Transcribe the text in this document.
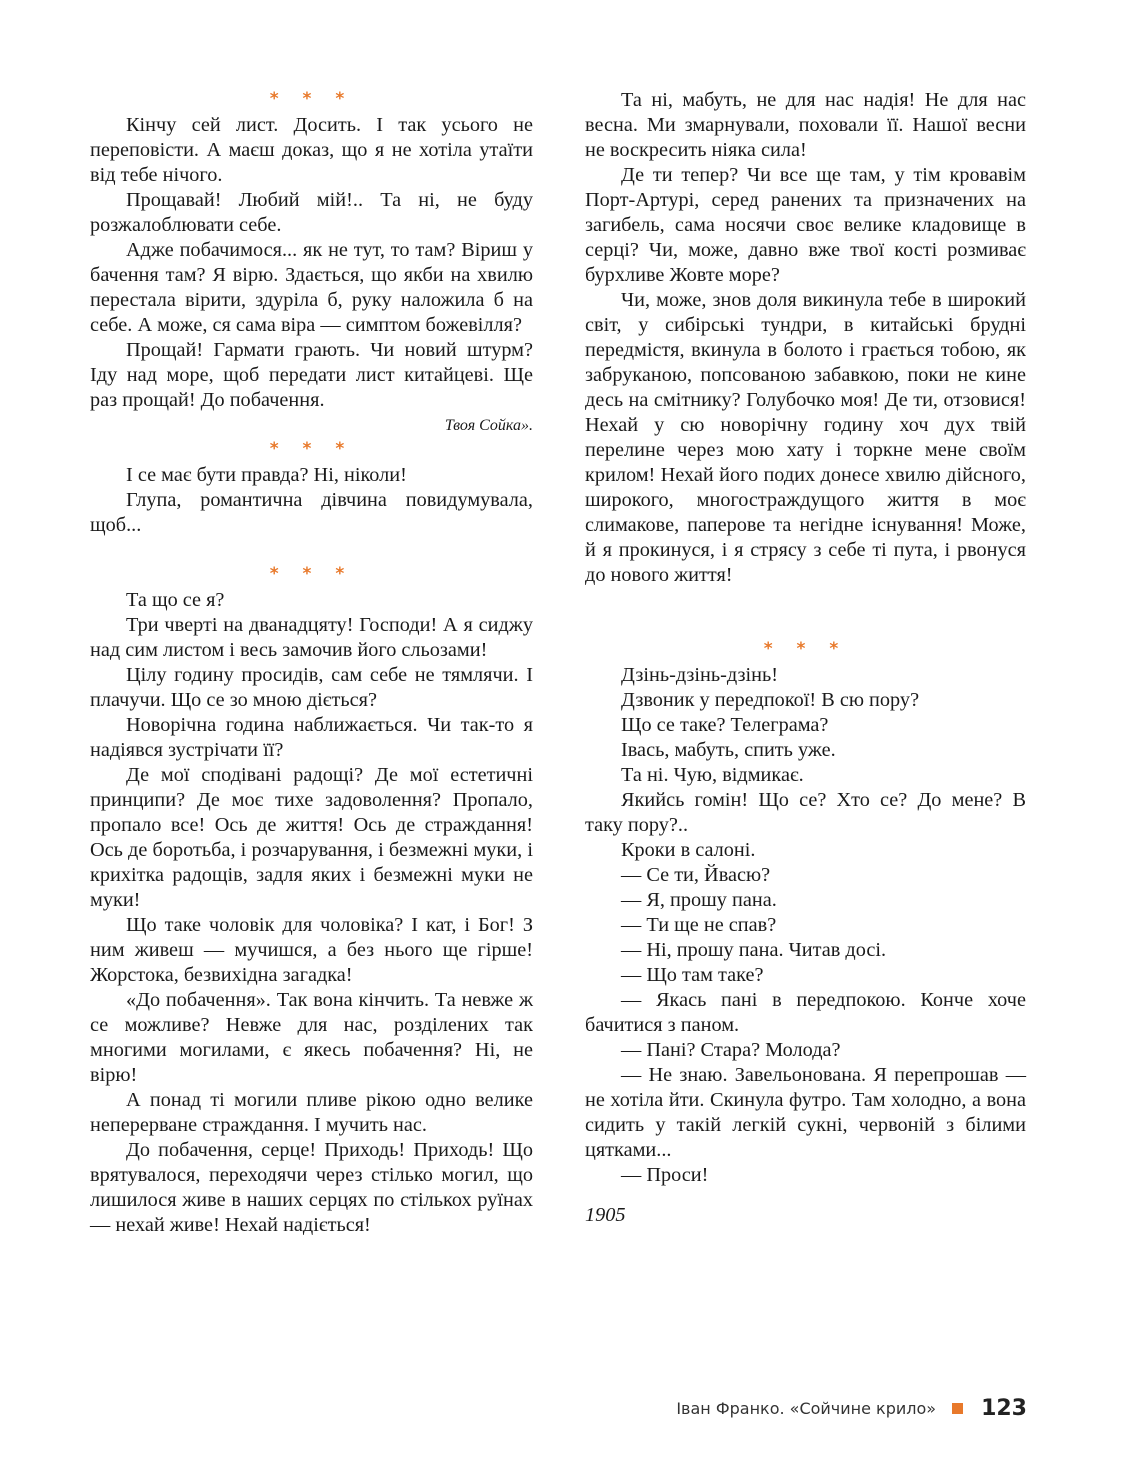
* * *

Кінчу сей лист. Досить. І так усього не переповісти. А маєш доказ, що я не хотіла утаїти від тебе нічого.

Прощавай! Любий мій!.. Та ні, не буду розжалоблювати себе.

Адже побачимося... як не тут, то там? Віриш у бачення там? Я вірю. Здається, що якби на хвилю перестала вірити, здуріла б, руку наложила б на себе. А може, ся сама віра — симптом божевілля?

Прощай! Гармати грають. Чи новий штурм? Іду над море, щоб передати лист китайцеві. Ще раз прощай! До побачення.

Твоя Сойка».

* * *

І се має бути правда? Ні, ніколи!

Глупа, романтична дівчина повидумувала, щоб...

* * *

Та що се я?

Три чверті на дванадцяту! Господи! А я сиджу над сим листом і весь замочив його сльозами!

Цілу годину просидів, сам себе не тямлячи. І плачучи. Що се зо мною діється?

Новорічна година наближається. Чи так-то я надіявся зустрічати її?

Де мої сподівані радощі? Де мої естетичні принципи? Де моє тихе задоволення? Пропало, пропало все! Ось де життя! Ось де страждання! Ось де боротьба, і розчарування, і безмежні муки, і крихітка радощів, задля яких і безмежні муки не муки!

Що таке чоловік для чоловіка? І кат, і Бог! З ним живеш — мучишся, а без нього ще гірше! Жорстока, безвихідна загадка!

«До побачення». Так вона кінчить. Та невже ж се можливе? Невже для нас, розділених так многими могилами, є якесь побачення? Ні, не вірю!

А понад ті могили пливе рікою одно велике неперерване страждання. І мучить нас.

До побачення, серце! Приходь! Приходь! Що врятувалося, переходячи через стілько могил, що лишилося живе в наших серцях по стількох руїнах — нехай живе! Нехай надіється!

Та ні, мабуть, не для нас надія! Не для нас весна. Ми змарнували, поховали її. Нашої весни не воскресить ніяка сила!

Де ти тепер? Чи все ще там, у тім кровавім Порт-Артурі, серед ранених та призначених на загибель, сама носячи своє велике кладовище в серці? Чи, може, давно вже твої кості розмиває бурхливе Жовте море?

Чи, може, знов доля викинула тебе в широкий світ, у сибірські тундри, в китайські брудні передмістя, вкинула в болото і грається тобою, як забруканою, попсованою забавкою, поки не кине десь на смітнику? Голубочко моя! Де ти, отзовися! Нехай у сю новорічну годину хоч дух твій перелине через мою хату і торкне мене своїм крилом! Нехай його подих донесе хвилю дійсного, широкого, многостраждущого життя в моє слимакове, паперове та негідне існування! Може, й я прокинуся, і я стрясу з себе ті пута, і рвонуся до нового життя!

* * *

Дзінь-дзінь-дзінь!

Дзвоник у передпокої! В сю пору?

Що се таке? Телеграма?

Івась, мабуть, спить уже.

Та ні. Чую, відмикає.

Якийсь гомін! Що се? Хто се? До мене? В таку пору?..

Кроки в салоні.

— Се ти, Йвасю?

— Я, прошу пана.

— Ти ще не спав?

— Ні, прошу пана. Читав досі.

— Що там таке?

— Якась пані в передпокою. Конче хоче бачитися з паном.

— Пані? Стара? Молода?

— Не знаю. Завельонована. Я перепрошав — не хотіла йти. Скинула футро. Там холодно, а вона сидить у такій легкій сукні, червоній з білими цятками...

— Проси!

1905

Іван Франко. «Сойчине крило» 123
